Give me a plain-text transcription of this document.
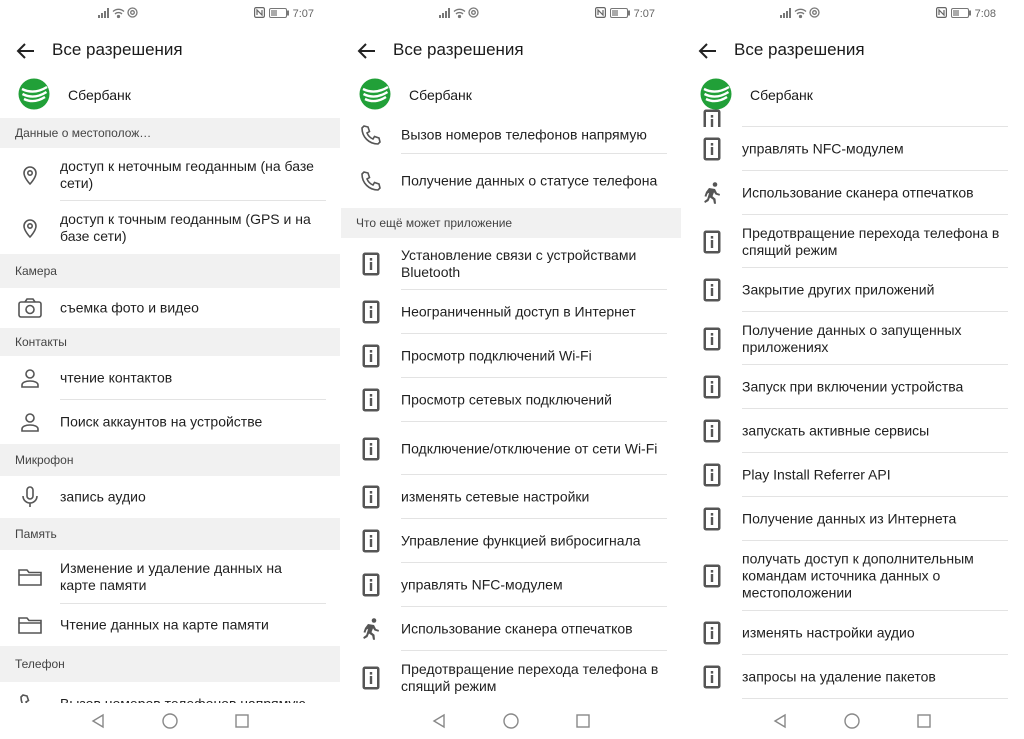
7:07
Все разрешения
Сбербанк
Данные о местополож…
доступ к неточным геоданным (на базе сети)
доступ к точным геоданным (GPS и на базе сети)
Камера
съемка фото и видео
Контакты
чтение контактов
Поиск аккаунтов на устройстве
Микрофон
запись аудио
Память
Изменение и удаление данных на карте памяти
Чтение данных на карте памяти
Телефон
7:07
Все разрешения
Сбербанк
Вызов номеров телефонов напрямую
Получение данных о статусе телефона
Что ещё может приложение
Установление связи с устройствами Bluetooth
Неограниченный доступ в Интернет
Просмотр подключений Wi-Fi
Просмотр сетевых подключений
Подключение/отключение от сети Wi-Fi
изменять сетевые настройки
Управление функцией вибросигнала
управлять NFC-модулем
Использование сканера отпечатков
Предотвращение перехода телефона в спящий режим
7:08
Все разрешения
Сбербанк
управлять NFC-модулем
Использование сканера отпечатков
Предотвращение перехода телефона в спящий режим
Закрытие других приложений
Получение данных о запущенных приложениях
Запуск при включении устройства
запускать активные сервисы
Play Install Referrer API
Получение данных из Интернета
получать доступ к дополнительным командам источника данных о местоположении
изменять настройки аудио
запросы на удаление пакетов
